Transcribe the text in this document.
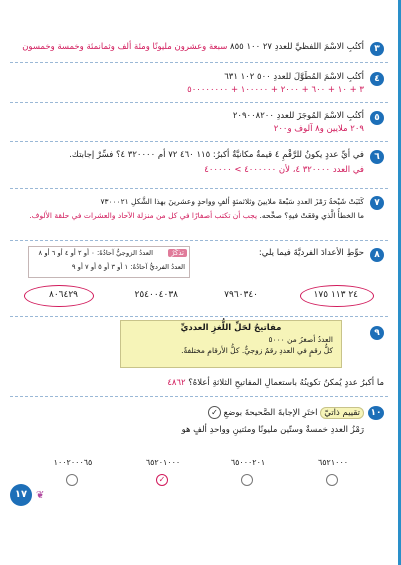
٣
أكتُبِ الاسْمَ اللفظيَّ للعددِ ٢٧ ١٠٠ ٨٥٥ سبعة وعشرون مليونًا ومئة ألف وثمانمئة وخمسة وخمسون
٤
أكتُبِ الاسْمَ المُطَوَّلَ للعددِ ٥٠٠ ١٠٢ ٦٣١
٣ + ١٠ + ٦٠٠ + ٢٠٠٠ + ١٠٠٠٠٠ + ٥٠٠٠٠٠٠٠٠
٥
أكتُبِ الاسْمَ المُوجَزَ للعددِ ٢٠٩٠٠٨٢٠٠
٢٠٩ ملايين و٨ آلوف و٢٠٠
٦
في أيِّ عددٍ يكونُ للرَّقْمِ ٤ قيمةٌ مكانيَّةٌ أكبرُ: ١١٥ ٤٦٠ ٧٢ أم ٣٢٠٠٠٠ ٤؟ فسِّرْ إجابتك.
في العدد ٣٢٠٠٠٠ ٤، لأن ٤٠٠٠٠٠٠ > ٤٠٠٠٠٠
٧
كَتَبَتْ شَيْخةُ رَمْزَ العددِ سَبْعةَ ملايينَ وثلاثمئةٍ ألفٍ وواحدٍ وعشرينَ بهذا الشَّكلِ ٧٣٠٠٠٢١
ما الخطأُ الَّذي وقعَتْ فيهِ؟ صحِّحه. يجب أن تكتب أصفارًا في كل من منزلة الآحاد والعشرات في حلقة الألوف.
٨
حوِّطِ الأعدادَ الفرديَّةَ فيما يلي:
تذكَّرْ
العددُ الزوجيُّ آحادُهُ: ٠ أو ٢ أو ٤ أو ٦ أو ٨
العددُ الفرديُّ آحادُهُ: ١ أو ٣ أو ٥ أو ٧ أو ٩
٢٤ ١١٣ ١٧٥
٧٩٦٠٣٤٠
٢٥٤٠٠٤٠٣٨
٨٠٦٤٢٩
٩
مفاتيحُ لحَلِّ اللُّغزِ العدديِّ
العددُ أصغرُ من ٥٠٠٠
كلُّ رقمٍ في العددِ رقمٌ زوجيٌّ. كلُّ الأرقامِ مختلفةٌ.
ما أكبرُ عددٍ يُمكنُ تكوينُهُ باستعمالِ المفاتيحِ الثلاثةِ أعلاهُ؟ ٤٨٦٢
١٠
تقييم ذاتيّ اختَرِ الإجابةَ الصَّحيحةَ بوضعِ ✓
رَمْزُ العددِ خمسةٌ وستّين مليونًا ومئتينِ وواحدِ ألفٍ هو
٦٥٢١٠٠٠
٦٥٠٠٠٢٠١
٦٥٢٠١٠٠٠
✓
١٠٠٢٠٠٠٦٥
١٧ ❦
